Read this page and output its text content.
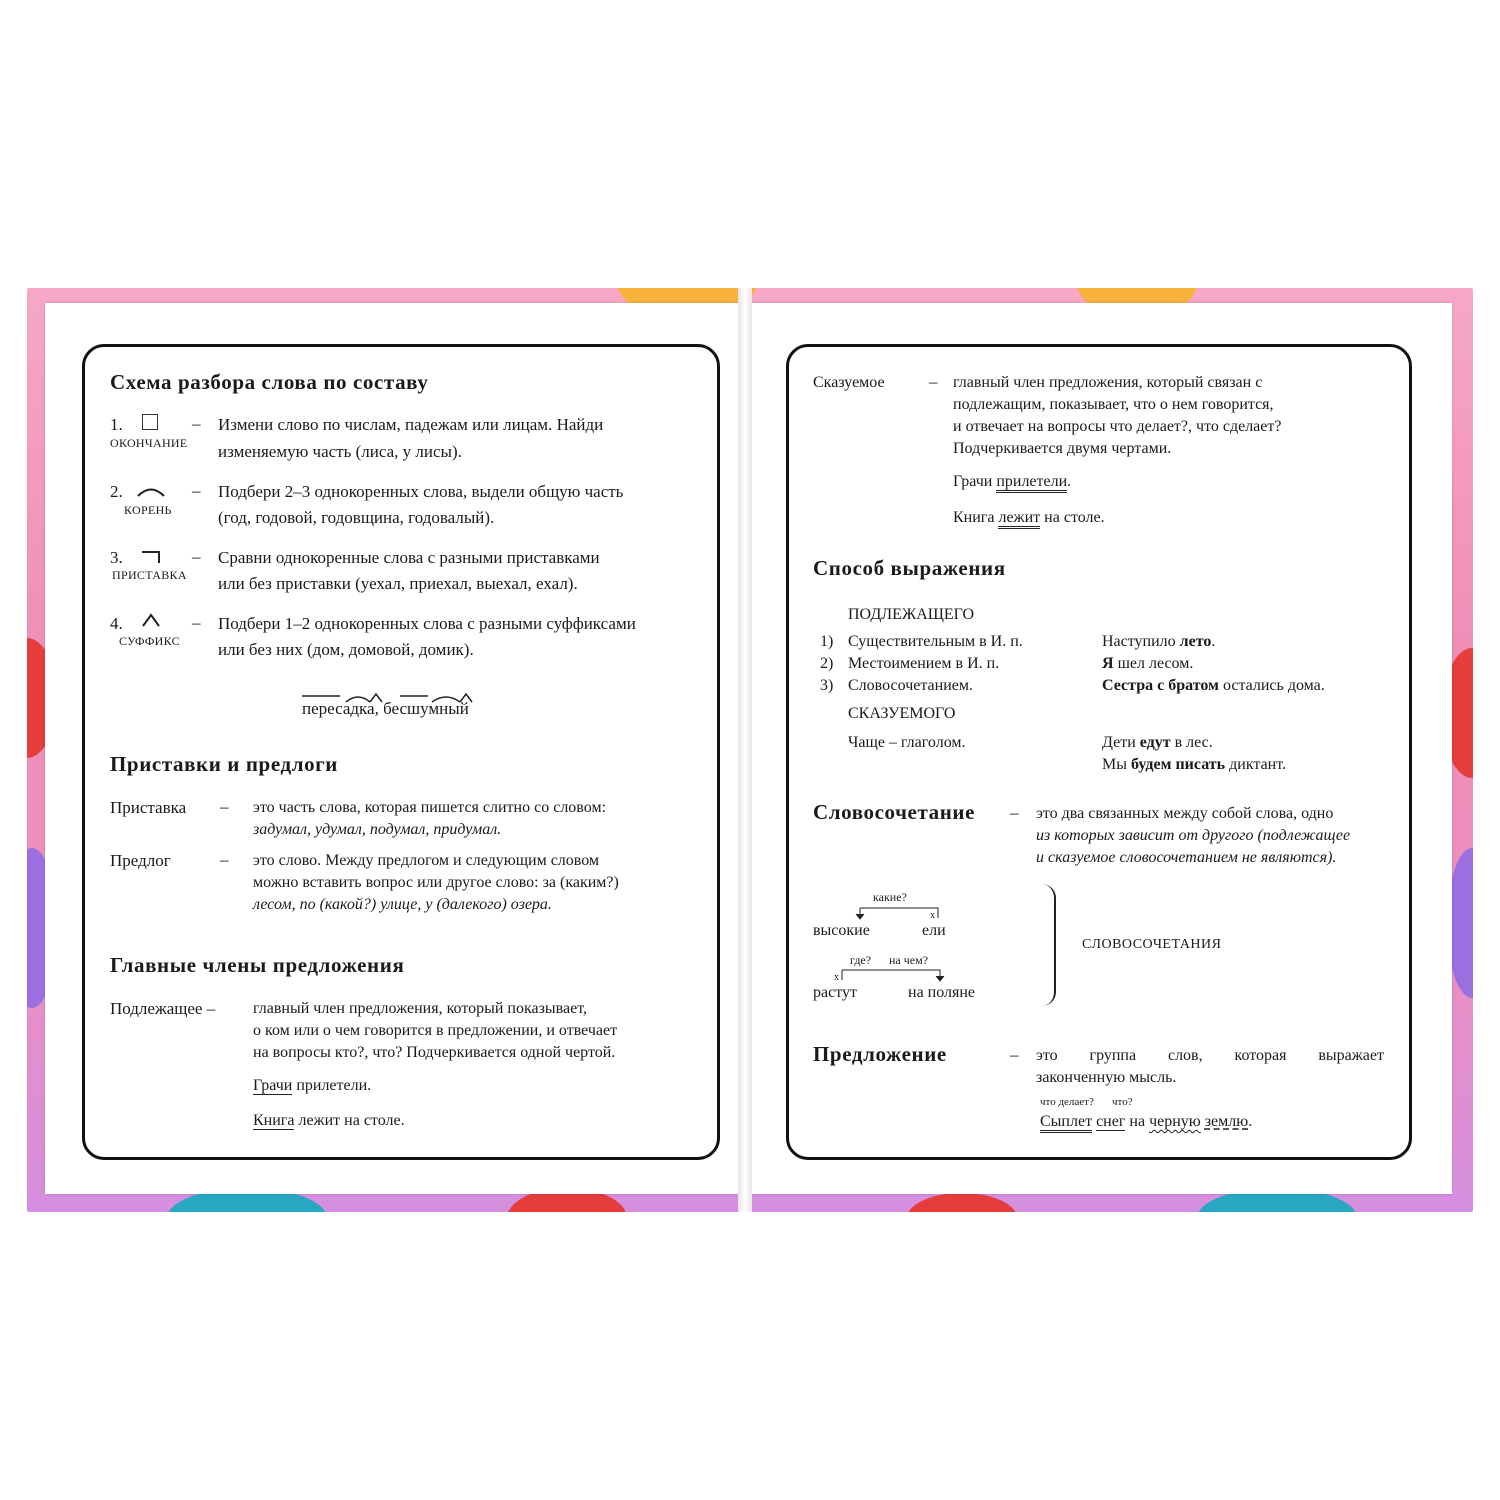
Схема разбора слова по составу
1.
ОКОНЧАНИЕ
– Измени слово по числам, падежам или лицам. Найди
изменяемую часть (лиса, у лисы).
2.
КОРЕНЬ
– Подбери 2–3 однокоренных слова, выдели общую часть
(год, годовой, годовщина, годовалый).
3.
ПРИСТАВКА
– Сравни однокоренные слова с разными приставками
или без приставки (уехал, приехал, выехал, ехал).
4.
СУФФИКС
– Подбери 1–2 однокоренных слова с разными суффиксами
или без них (дом, домовой, домик).
пересадка, бесшумный
Приставки и предлоги
Приставка – это часть слова, которая пишется слитно со словом:
задумал, удумал, подумал, придумал.
Предлог	– это слово. Между предлогом и следующим словом
можно вставить вопрос или другое слово: за (каким?)
лесом, по (какой?) улице, у (далекого) озера.
Главные члены предложения
Подлежащее – главный член предложения, который показывает,
о ком или о чем говорится в предложении, и отвечает
на вопросы кто?, что? Подчеркивается одной чертой.
Грачи прилетели.
Книга лежит на столе.
Сказуемое	– главный член предложения, который связан с
подлежащим, показывает, что о нем говорится,
и отвечает на вопросы что делает?, что сделает?
Подчеркивается двумя чертами.
Грачи прилетели.
Книга лежит на столе.
Способ выражения
ПОДЛЕЖАЩЕГО
1) Существительным в И. п.	Наступило лето.
2) Местоимением в И. п.	Я шел лесом.
3) Словосочетанием.	Сестра с братом остались дома.
СКАЗУЕМОГО
Чаще – глаголом.	Дети едут в лес.
Мы будем писать диктант.
Словосочетание – это два связанных между собой слова, одно
из которых зависит от другого (подлежащее
и сказуемое словосочетанием не являются).
какие?
x
высокие	ели
где? на чем?
x
растут	на поляне
СЛОВОСОЧЕТАНИЯ
Предложение	– это группа слов, которая выражает
законченную мысль.
что делает? что?
Сыплет снег на черную землю.
